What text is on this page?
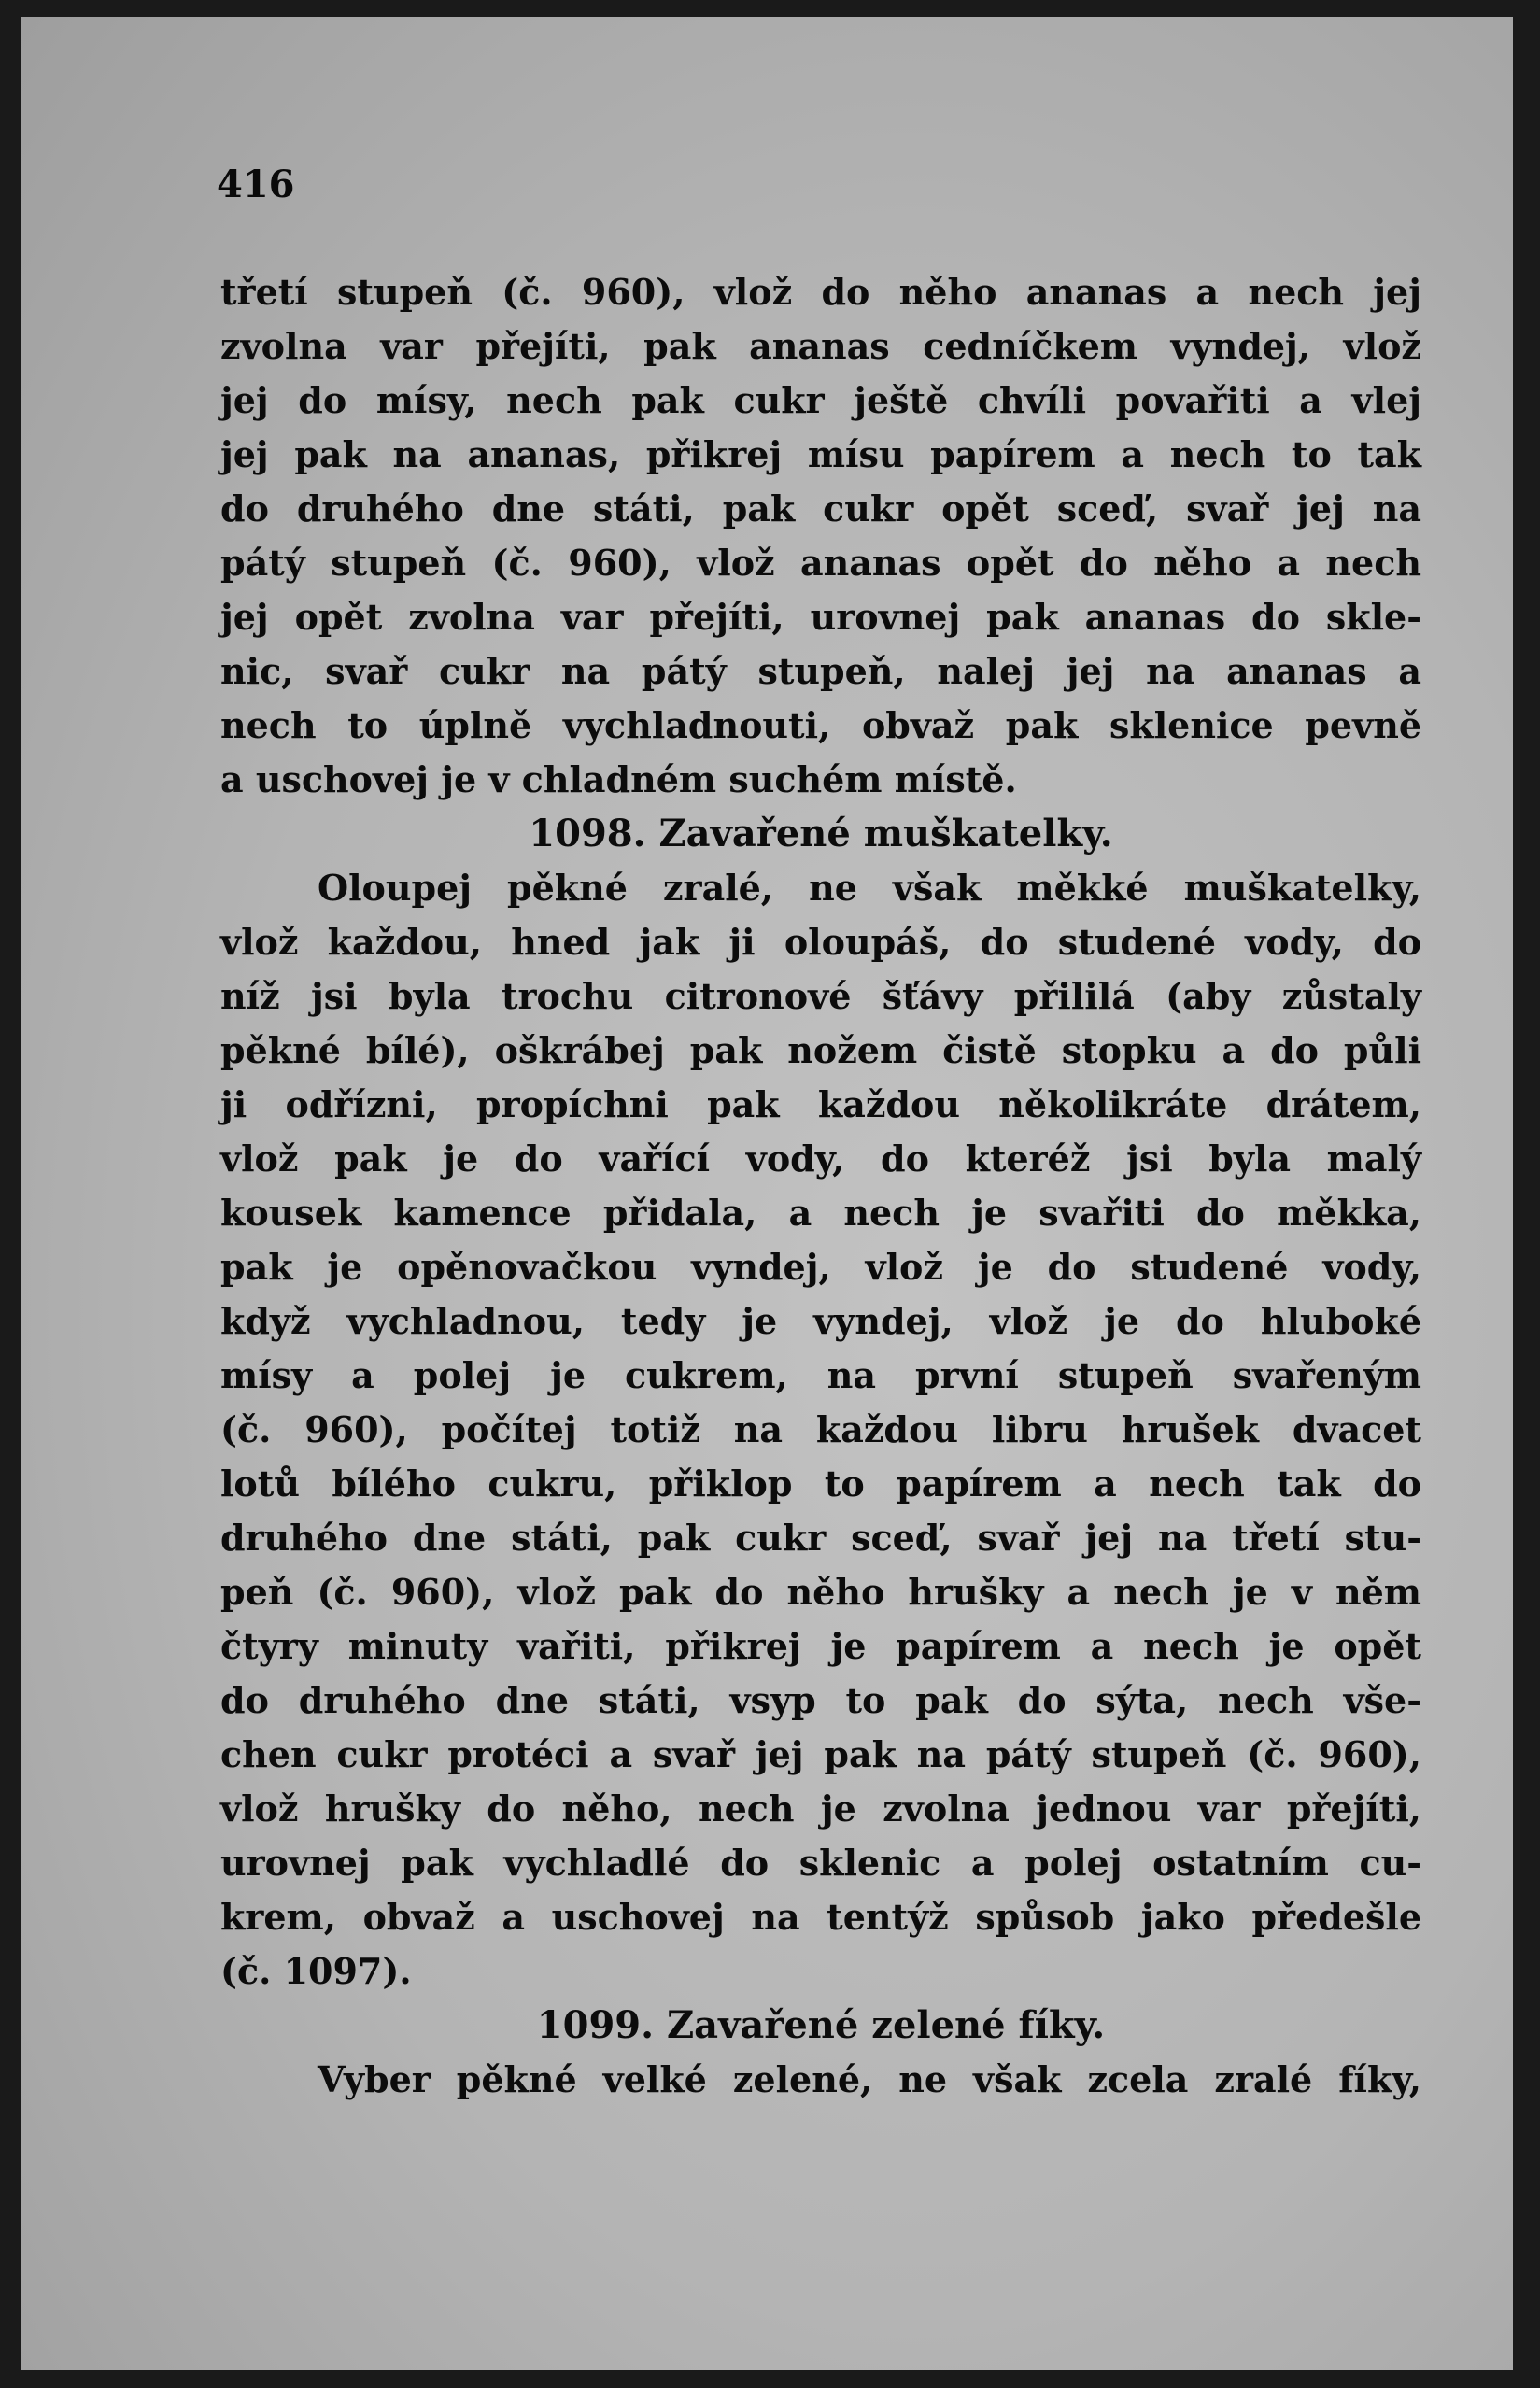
416
třetí stupeň (č. 960), vlož do něho ananas a nech jej
zvolna var přejíti, pak ananas cedníčkem vyndej, vlož
jej do mísy, nech pak cukr ještě chvíli povařiti a vlej
jej pak na ananas, přikrej mísu papírem a nech to tak
do druhého dne státi, pak cukr opět sceď, svař jej na
pátý stupeň (č. 960), vlož ananas opět do něho a nech
jej opět zvolna var přejíti, urovnej pak ananas do skle-
nic, svař cukr na pátý stupeň, nalej jej na ananas a
nech to úplně vychladnouti, obvaž pak sklenice pevně
a uschovej je v chladném suchém místě.
1098. Zavařené muškatelky.
Oloupej pěkné zralé, ne však měkké muškatelky,
vlož každou, hned jak ji oloupáš, do studené vody, do
níž jsi byla trochu citronové šťávy přililá (aby zůstaly
pěkné bílé), oškrábej pak nožem čistě stopku a do půli
ji odřízni, propíchni pak každou několikráte drátem,
vlož pak je do vařící vody, do kteréž jsi byla malý
kousek kamence přidala, a nech je svařiti do měkka,
pak je opěnovačkou vyndej, vlož je do studené vody,
když vychladnou, tedy je vyndej, vlož je do hluboké
mísy a polej je cukrem, na první stupeň svařeným
(č. 960), počítej totiž na každou libru hrušek dvacet
lotů bílého cukru, přiklop to papírem a nech tak do
druhého dne státi, pak cukr sceď, svař jej na třetí stu-
peň (č. 960), vlož pak do něho hrušky a nech je v něm
čtyry minuty vařiti, přikrej je papírem a nech je opět
do druhého dne státi, vsyp to pak do sýta, nech vše-
chen cukr protéci a svař jej pak na pátý stupeň (č. 960),
vlož hrušky do něho, nech je zvolna jednou var přejíti,
urovnej pak vychladlé do sklenic a polej ostatním cu-
krem, obvaž a uschovej na tentýž spůsob jako předešle
(č. 1097).
1099. Zavařené zelené fíky.
Vyber pěkné velké zelené, ne však zcela zralé fíky,
